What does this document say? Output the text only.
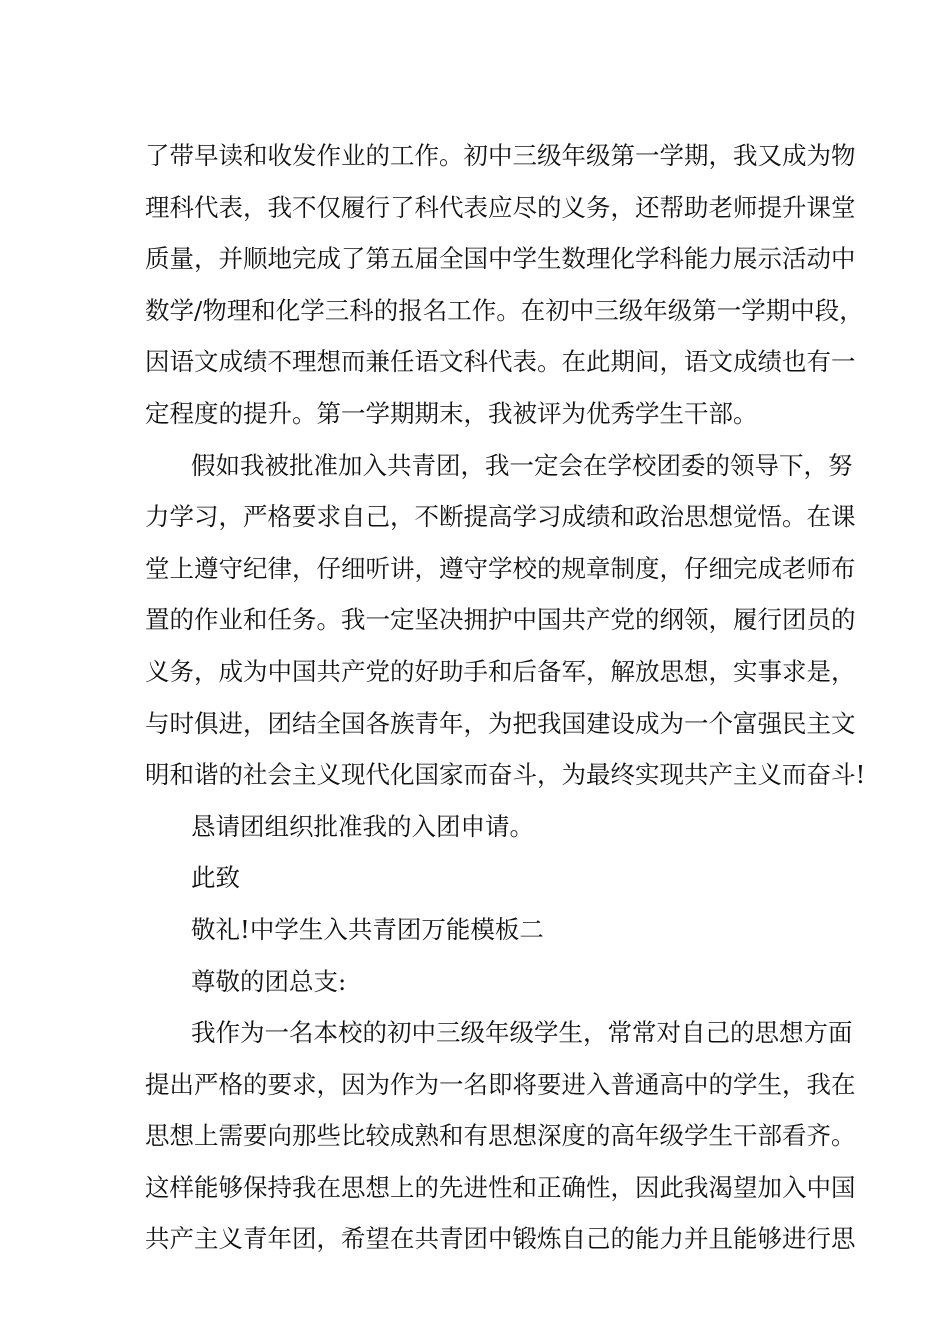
了带早读和收发作业的工作。初中三级年级第一学期，我又成为物
理科代表，我不仅履行了科代表应尽的义务，还帮助老师提升课堂
质量，并顺地完成了第五届全国中学生数理化学科能力展示活动中
数学/物理和化学三科的报名工作。在初中三级年级第一学期中段，
因语文成绩不理想而兼任语文科代表。在此期间，语文成绩也有一
定程度的提升。第一学期期末，我被评为优秀学生干部。
假如我被批准加入共青团，我一定会在学校团委的领导下，努
力学习，严格要求自己，不断提高学习成绩和政治思想觉悟。在课
堂上遵守纪律，仔细听讲，遵守学校的规章制度，仔细完成老师布
置的作业和任务。我一定坚决拥护中国共产党的纲领，履行团员的
义务，成为中国共产党的好助手和后备军，解放思想，实事求是，
与时俱进，团结全国各族青年，为把我国建设成为一个富强民主文
明和谐的社会主义现代化国家而奋斗，为最终实现共产主义而奋斗!
恳请团组织批准我的入团申请。
此致
敬礼!中学生入共青团万能模板二
尊敬的团总支:
我作为一名本校的初中三级年级学生，常常对自己的思想方面
提出严格的要求，因为作为一名即将要进入普通高中的学生，我在
思想上需要向那些比较成熟和有思想深度的高年级学生干部看齐。
这样能够保持我在思想上的先进性和正确性，因此我渴望加入中国
共产主义青年团，希望在共青团中锻炼自己的能力并且能够进行思
